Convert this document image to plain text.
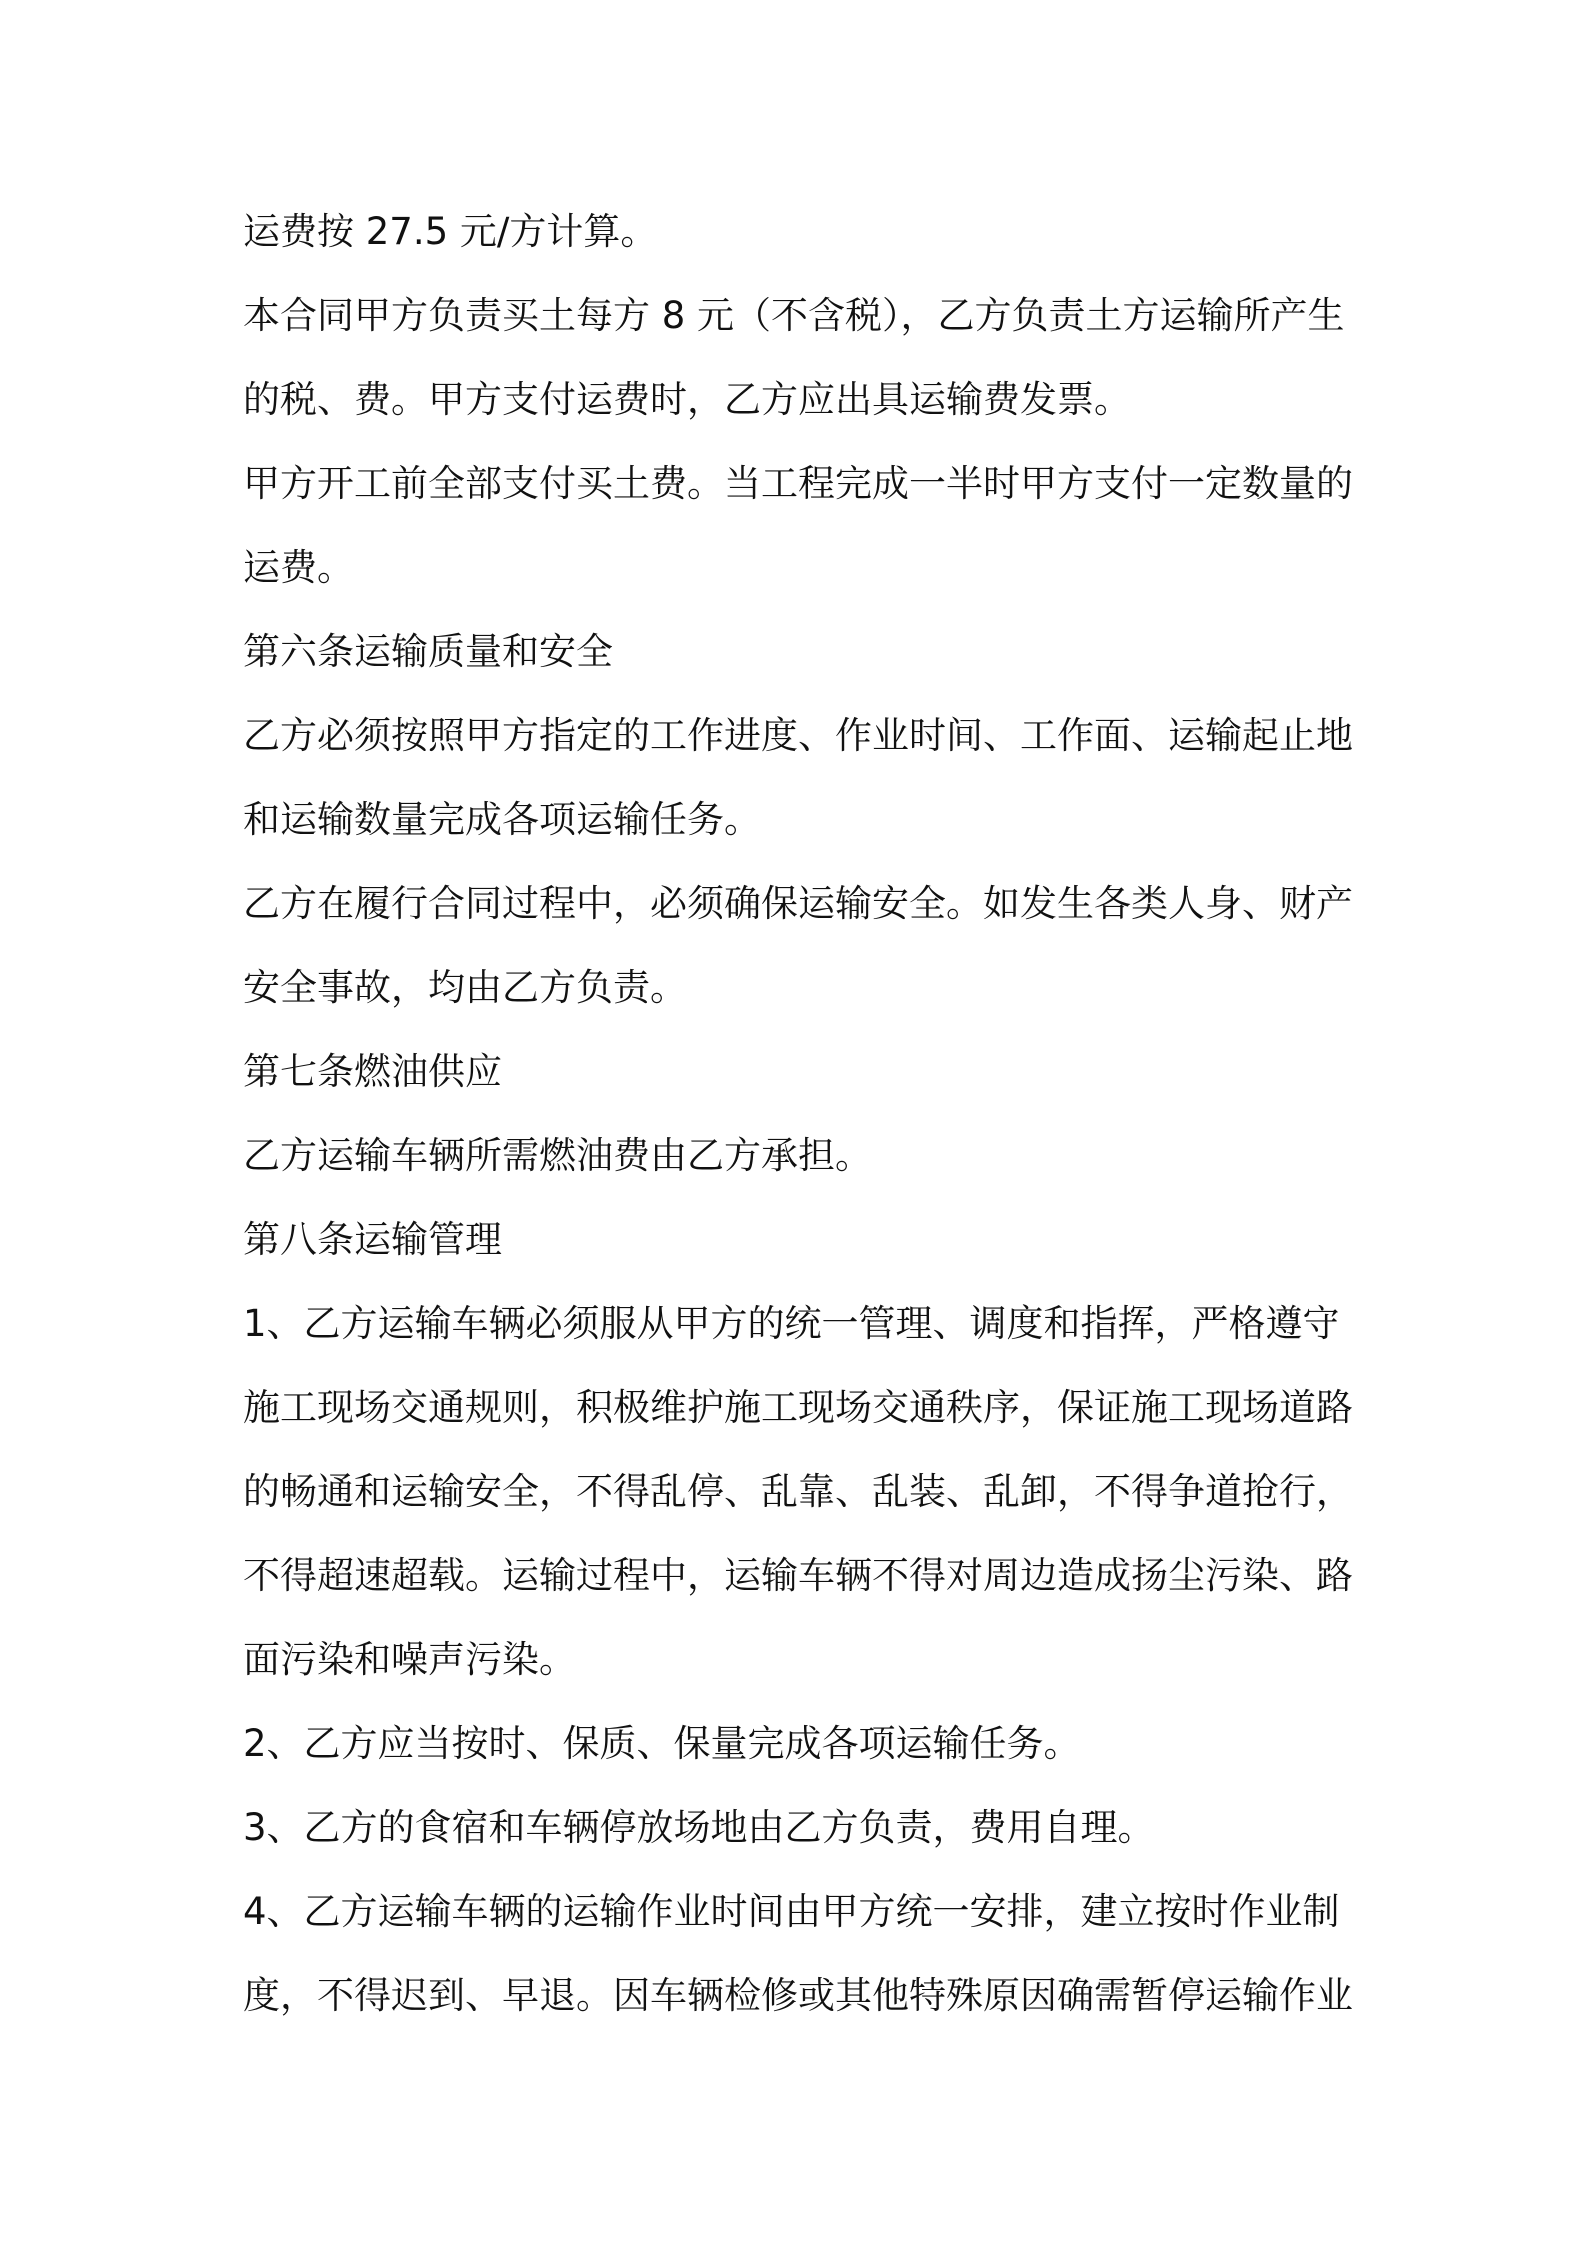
运费按 27.5 元/方计算。
本合同甲方负责买土每方 8 元（不含税），乙方负责土方运输所产生
的税、费。甲方支付运费时，乙方应出具运输费发票。
甲方开工前全部支付买土费。当工程完成一半时甲方支付一定数量的
运费。
第六条运输质量和安全
乙方必须按照甲方指定的工作进度、作业时间、工作面、运输起止地
和运输数量完成各项运输任务。
乙方在履行合同过程中，必须确保运输安全。如发生各类人身、财产
安全事故，均由乙方负责。
第七条燃油供应
乙方运输车辆所需燃油费由乙方承担。
第八条运输管理
1、乙方运输车辆必须服从甲方的统一管理、调度和指挥，严格遵守
施工现场交通规则，积极维护施工现场交通秩序，保证施工现场道路
的畅通和运输安全，不得乱停、乱靠、乱装、乱卸，不得争道抢行，
不得超速超载。运输过程中，运输车辆不得对周边造成扬尘污染、路
面污染和噪声污染。
2、乙方应当按时、保质、保量完成各项运输任务。
3、乙方的食宿和车辆停放场地由乙方负责，费用自理。
4、乙方运输车辆的运输作业时间由甲方统一安排，建立按时作业制
度，不得迟到、早退。因车辆检修或其他特殊原因确需暂停运输作业
